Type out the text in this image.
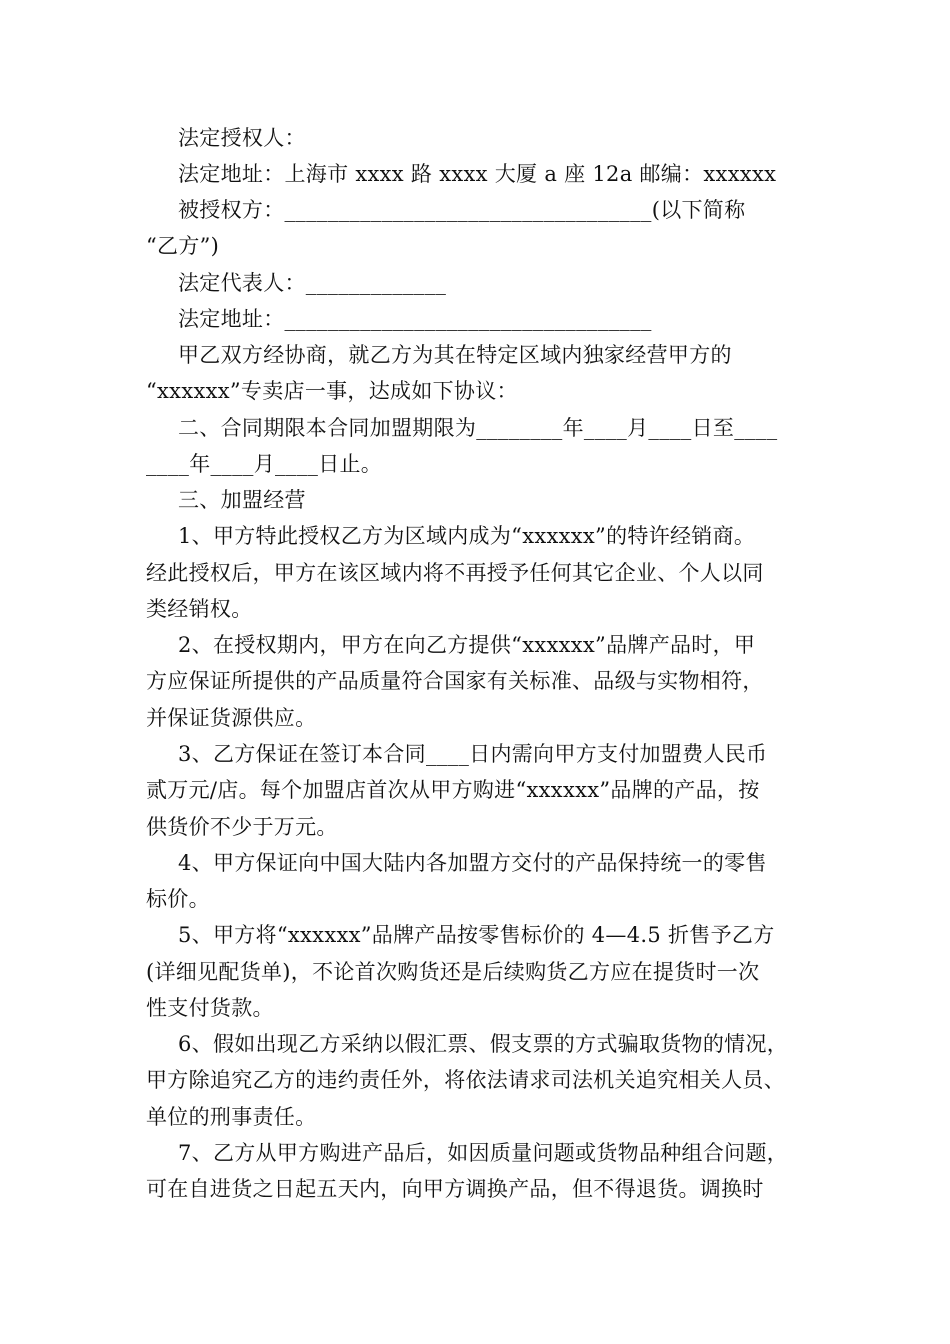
法定授权人：
法定地址：上海市 xxxx 路 xxxx 大厦 a 座 12a 邮编：xxxxxx
被授权方：__________________________________(以下简称
“乙方”)
法定代表人：_____________
法定地址：__________________________________
甲乙双方经协商，就乙方为其在特定区域内独家经营甲方的
“xxxxxx”专卖店一事，达成如下协议：
二、合同期限本合同加盟期限为________年____月____日至____
____年____月____日止。
三、加盟经营
1、甲方特此授权乙方为区域内成为“xxxxxx”的特许经销商。
经此授权后，甲方在该区域内将不再授予任何其它企业、个人以同
类经销权。
2、在授权期内，甲方在向乙方提供“xxxxxx”品牌产品时，甲
方应保证所提供的产品质量符合国家有关标准、品级与实物相符，
并保证货源供应。
3、乙方保证在签订本合同____日内需向甲方支付加盟费人民币
贰万元/店。每个加盟店首次从甲方购进“xxxxxx”品牌的产品，按
供货价不少于万元。
4、甲方保证向中国大陆内各加盟方交付的产品保持统一的零售
标价。
5、甲方将“xxxxxx”品牌产品按零售标价的 4—4.5 折售予乙方
(详细见配货单)，不论首次购货还是后续购货乙方应在提货时一次
性支付货款。
6、假如出现乙方采纳以假汇票、假支票的方式骗取货物的情况，
甲方除追究乙方的违约责任外，将依法请求司法机关追究相关人员、
单位的刑事责任。
7、乙方从甲方购进产品后，如因质量问题或货物品种组合问题，
可在自进货之日起五天内，向甲方调换产品，但不得退货。调换时
